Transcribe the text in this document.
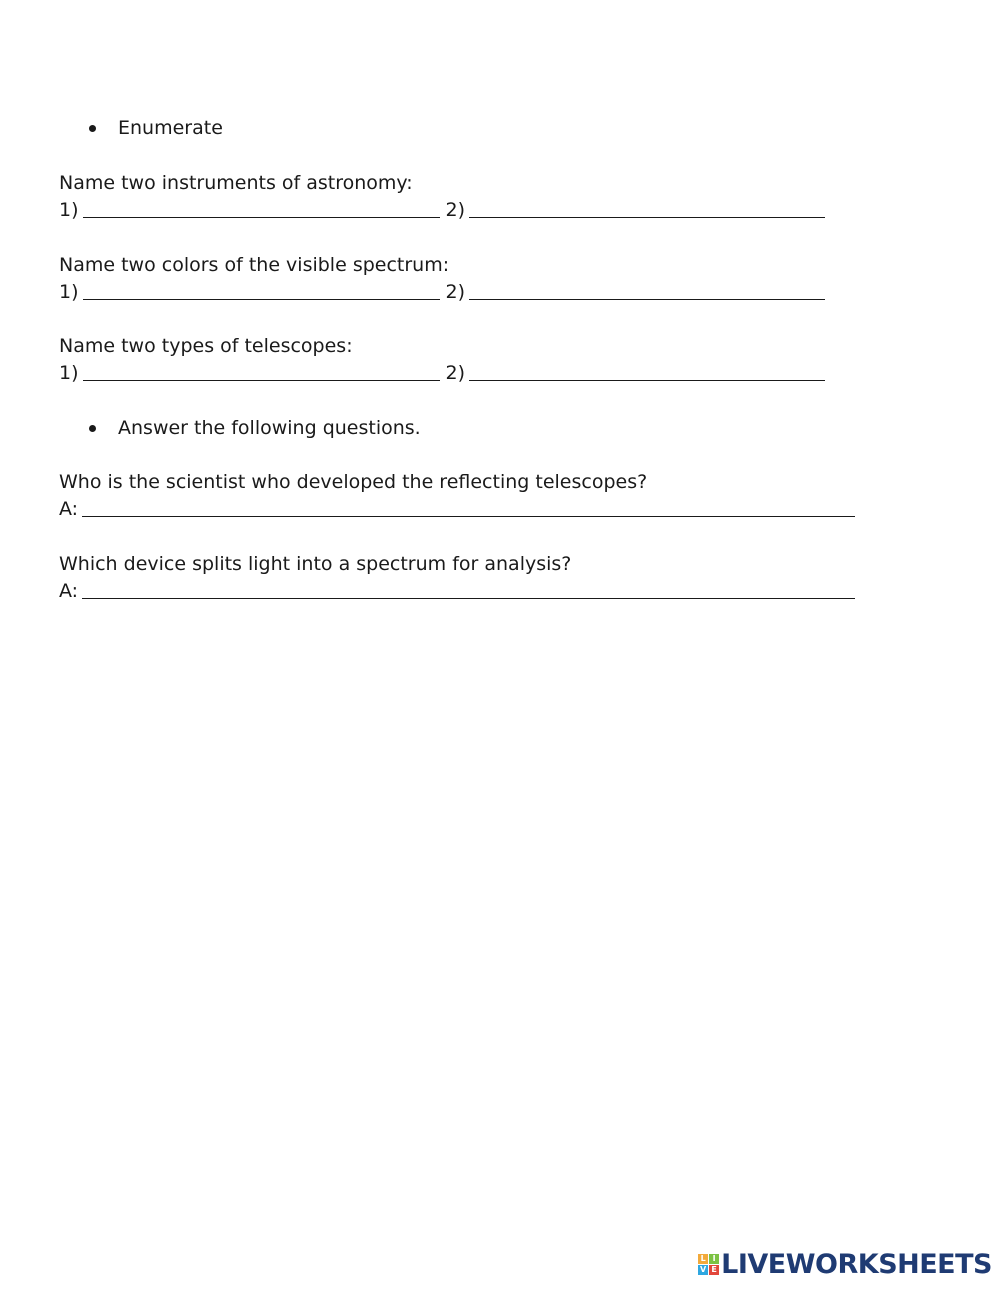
Enumerate
Name two instruments of astronomy:
1)	2)
Name two colors of the visible spectrum:
1)	2)
Name two types of telescopes:
1)	2)
Answer the following questions.
Who is the scientist who developed the reflecting telescopes?
A:
Which device splits light into a spectrum for analysis?
A:
L I
V E LIVEWORKSHEETS
